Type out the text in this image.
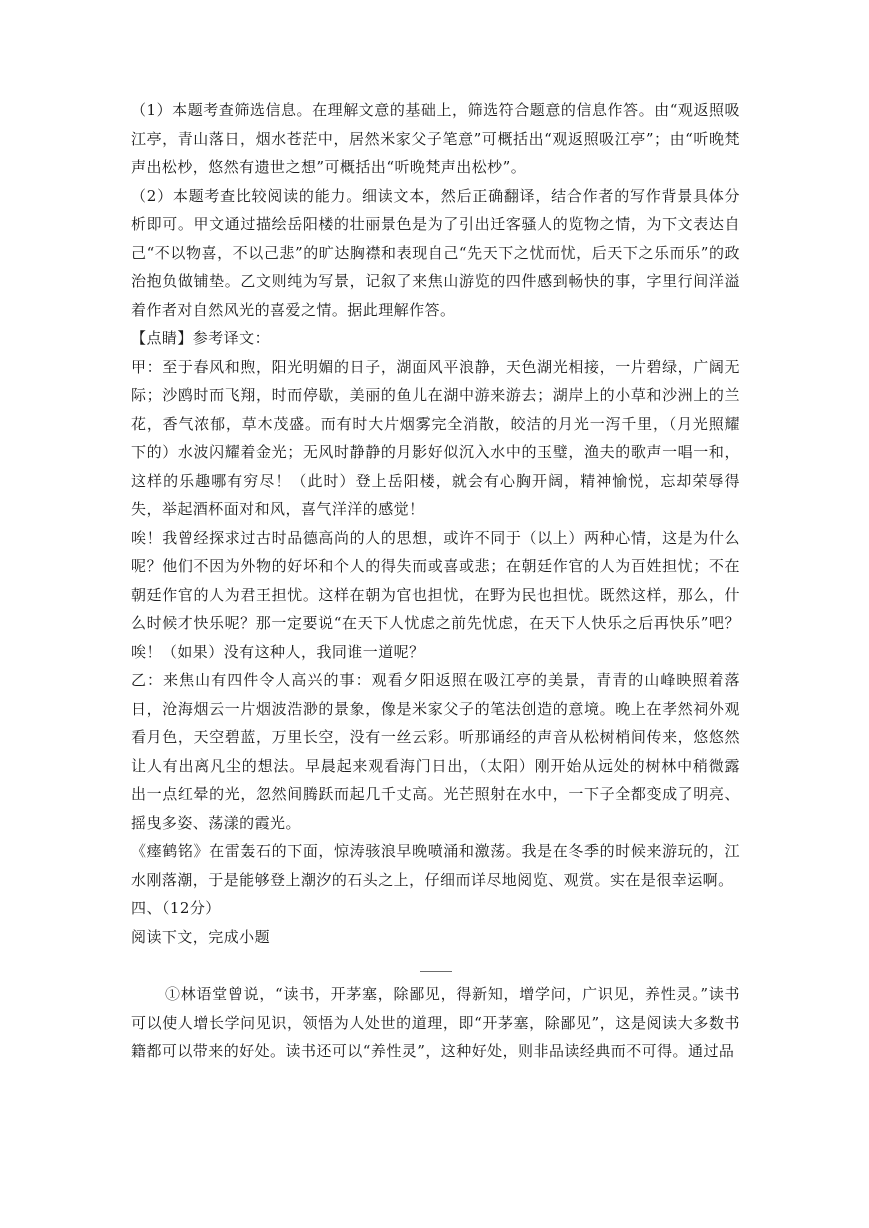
（1）本题考查筛选信息。在理解文意的基础上，筛选符合题意的信息作答。由“观返照吸江亭，青山落日，烟水苍茫中，居然米家父子笔意”可概括出“观返照吸江亭”；由“听晚梵声出松杪，悠然有遗世之想”可概括出“听晚梵声出松杪”。

（2）本题考查比较阅读的能力。细读文本，然后正确翻译，结合作者的写作背景具体分析即可。甲文通过描绘岳阳楼的壮丽景色是为了引出迁客骚人的览物之情，为下文表达自己“不以物喜，不以己悲”的旷达胸襟和表现自己“先天下之忧而忧，后天下之乐而乐”的政治抱负做铺垫。乙文则纯为写景，记叙了来焦山游览的四件感到畅快的事，字里行间洋溢着作者对自然风光的喜爱之情。据此理解作答。

【点睛】参考译文：

甲：至于春风和煦，阳光明媚的日子，湖面风平浪静，天色湖光相接，一片碧绿，广阔无际；沙鸥时而飞翔，时而停歇，美丽的鱼儿在湖中游来游去；湖岸上的小草和沙洲上的兰花，香气浓郁，草木茂盛。而有时大片烟雾完全消散，皎洁的月光一泻千里，（月光照耀下的）水波闪耀着金光；无风时静静的月影好似沉入水中的玉璧，渔夫的歌声一唱一和，这样的乐趣哪有穷尽！（此时）登上岳阳楼，就会有心胸开阔，精神愉悦，忘却荣辱得失，举起酒杯面对和风，喜气洋洋的感觉！

唉！我曾经探求过古时品德高尚的人的思想，或许不同于（以上）两种心情，这是为什么呢？他们不因为外物的好坏和个人的得失而或喜或悲；在朝廷作官的人为百姓担忧；不在朝廷作官的人为君王担忧。这样在朝为官也担忧，在野为民也担忧。既然这样，那么，什么时候才快乐呢？那一定要说“在天下人忧虑之前先忧虑，在天下人快乐之后再快乐”吧？唉！（如果）没有这种人，我同谁一道呢？

乙：来焦山有四件令人高兴的事：观看夕阳返照在吸江亭的美景，青青的山峰映照着落日，沧海烟云一片烟波浩渺的景象，像是米家父子的笔法创造的意境。晚上在孝然祠外观看月色，天空碧蓝，万里长空，没有一丝云彩。听那诵经的声音从松树梢间传来，悠悠然让人有出离凡尘的想法。早晨起来观看海门日出，（太阳）刚开始从远处的树林中稍微露出一点红晕的光，忽然间腾跃而起几千丈高。光芒照射在水中，一下子全都变成了明亮、摇曳多姿、荡漾的霞光。

《瘗鹤铭》在雷轰石的下面，惊涛骇浪早晚喷涌和激荡。我是在冬季的时候来游玩的，江水刚落潮，于是能够登上潮汐的石头之上，仔细而详尽地阅览、观赏。实在是很幸运啊。

四、（12分）

阅读下文，完成小题

①林语堂曾说，“读书，开茅塞，除鄙见，得新知，增学问，广识见，养性灵。”读书可以使人增长学问见识，领悟为人处世的道理，即“开茅塞，除鄙见”，这是阅读大多数书籍都可以带来的好处。读书还可以“养性灵”，这种好处，则非品读经典而不可得。通过品
